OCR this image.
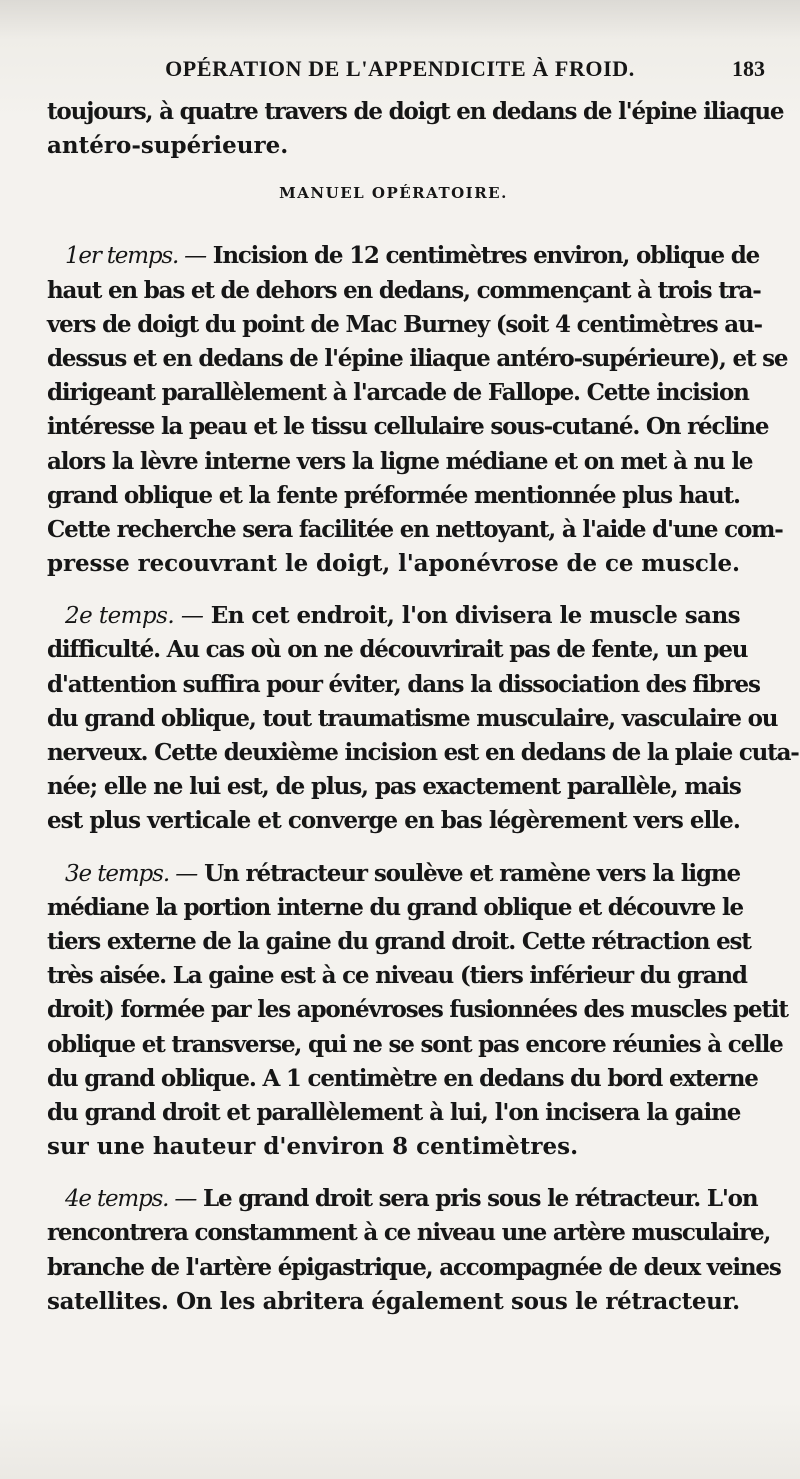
OPÉRATION DE L'APPENDICITE À FROID.	183
toujours, à quatre travers de doigt en dedans de l'épine iliaque
antéro-supérieure.
MANUEL OPÉRATOIRE.
1er temps. — Incision de 12 centimètres environ, oblique de
haut en bas et de dehors en dedans, commençant à trois tra-
vers de doigt du point de Mac Burney (soit 4 centimètres au-
dessus et en dedans de l'épine iliaque antéro-supérieure), et se
dirigeant parallèlement à l'arcade de Fallope. Cette incision
intéresse la peau et le tissu cellulaire sous-cutané. On récline
alors la lèvre interne vers la ligne médiane et on met à nu le
grand oblique et la fente préformée mentionnée plus haut.
Cette recherche sera facilitée en nettoyant, à l'aide d'une com-
presse recouvrant le doigt, l'aponévrose de ce muscle.
2e temps. — En cet endroit, l'on divisera le muscle sans
difficulté. Au cas où on ne découvrirait pas de fente, un peu
d'attention suffira pour éviter, dans la dissociation des fibres
du grand oblique, tout traumatisme musculaire, vasculaire ou
nerveux. Cette deuxième incision est en dedans de la plaie cuta-
née; elle ne lui est, de plus, pas exactement parallèle, mais
est plus verticale et converge en bas légèrement vers elle.
3e temps. — Un rétracteur soulève et ramène vers la ligne
médiane la portion interne du grand oblique et découvre le
tiers externe de la gaine du grand droit. Cette rétraction est
très aisée. La gaine est à ce niveau (tiers inférieur du grand
droit) formée par les aponévroses fusionnées des muscles petit
oblique et transverse, qui ne se sont pas encore réunies à celle
du grand oblique. A 1 centimètre en dedans du bord externe
du grand droit et parallèlement à lui, l'on incisera la gaine
sur une hauteur d'environ 8 centimètres.
4e temps. — Le grand droit sera pris sous le rétracteur. L'on
rencontrera constamment à ce niveau une artère musculaire,
branche de l'artère épigastrique, accompagnée de deux veines
satellites. On les abritera également sous le rétracteur.
